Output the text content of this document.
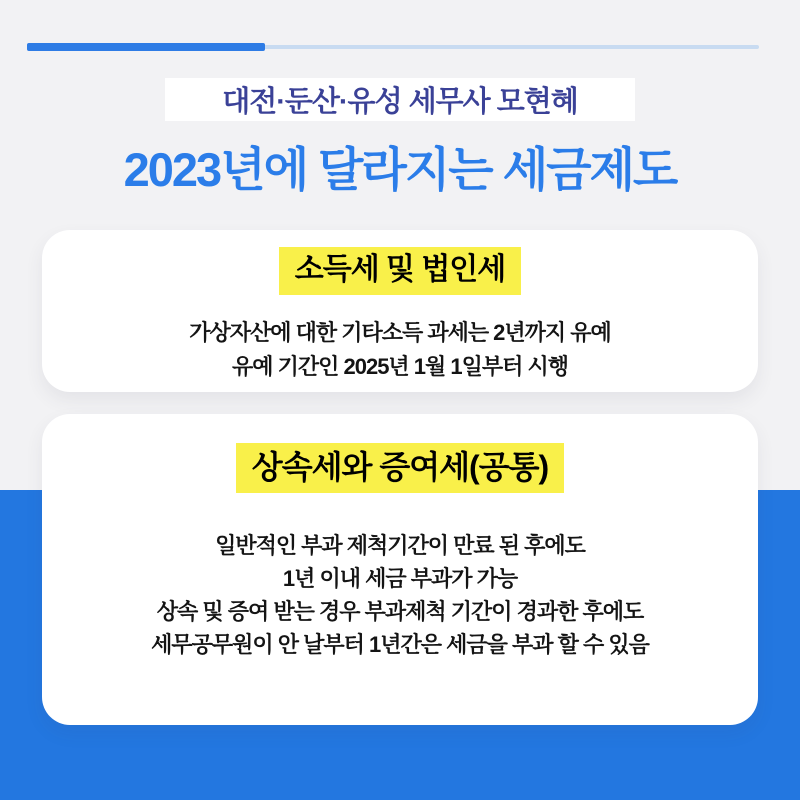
대전·둔산·유성 세무사 모현혜
2023년에 달라지는 세금제도
소득세 및 법인세

가상자산에 대한 기타소득 과세는 2년까지 유예

유예 기간인 2025년 1월 1일부터 시행

상속세와 증여세(공통)

일반적인 부과 제척기간이 만료 된 후에도

1년 이내 세금 부과가 가능

상속 및 증여 받는 경우 부과제척 기간이 경과한 후에도

세무공무원이 안 날부터 1년간은 세금을 부과 할 수 있음
